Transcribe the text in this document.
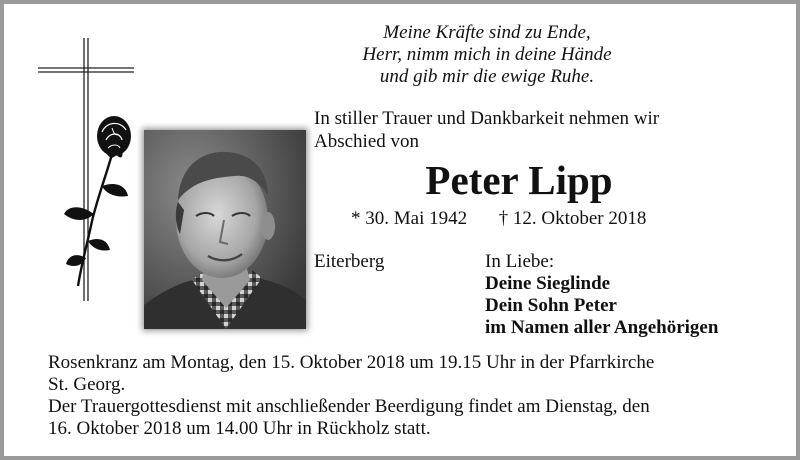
Meine Kräfte sind zu Ende,
Herr, nimm mich in deine Hände
und gib mir die ewige Ruhe.
In stiller Trauer und Dankbarkeit nehmen wir
Abschied von
Peter Lipp
* 30. Mai 1942 † 12. Oktober 2018
Eiterberg	In Liebe:
Deine Sieglinde
Dein Sohn Peter
im Namen aller Angehörigen
Rosenkranz am Montag, den 15. Oktober 2018 um 19.15 Uhr in der Pfarrkirche
St. Georg.
Der Trauergottesdienst mit anschließender Beerdigung findet am Dienstag, den
16. Oktober 2018 um 14.00 Uhr in Rückholz statt.
